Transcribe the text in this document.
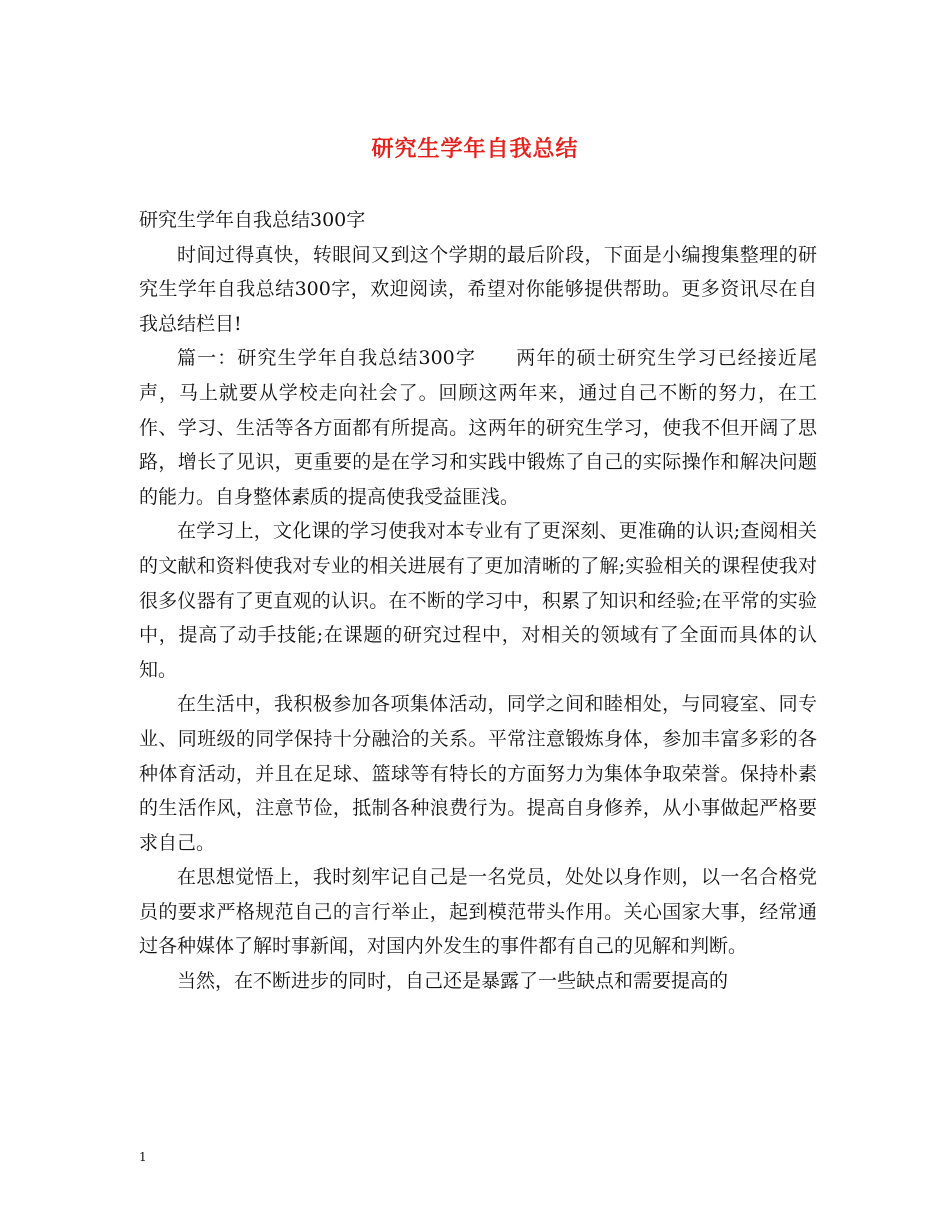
研究生学年自我总结

研究生学年自我总结300字

时间过得真快，转眼间又到这个学期的最后阶段，下面是小编搜集整理的研究生学年自我总结300字，欢迎阅读，希望对你能够提供帮助。更多资讯尽在自我总结栏目!

篇一：研究生学年自我总结300字　　两年的硕士研究生学习已经接近尾声，马上就要从学校走向社会了。回顾这两年来，通过自己不断的努力，在工作、学习、生活等各方面都有所提高。这两年的研究生学习，使我不但开阔了思路，增长了见识，更重要的是在学习和实践中锻炼了自己的实际操作和解决问题的能力。自身整体素质的提高使我受益匪浅。

在学习上，文化课的学习使我对本专业有了更深刻、更准确的认识;查阅相关的文献和资料使我对专业的相关进展有了更加清晰的了解;实验相关的课程使我对很多仪器有了更直观的认识。在不断的学习中，积累了知识和经验;在平常的实验中，提高了动手技能;在课题的研究过程中，对相关的领域有了全面而具体的认知。

在生活中，我积极参加各项集体活动，同学之间和睦相处，与同寝室、同专业、同班级的同学保持十分融洽的关系。平常注意锻炼身体，参加丰富多彩的各种体育活动，并且在足球、篮球等有特长的方面努力为集体争取荣誉。保持朴素的生活作风，注意节俭，抵制各种浪费行为。提高自身修养，从小事做起严格要求自己。

在思想觉悟上，我时刻牢记自己是一名党员，处处以身作则，以一名合格党员的要求严格规范自己的言行举止，起到模范带头作用。关心国家大事，经常通过各种媒体了解时事新闻，对国内外发生的事件都有自己的见解和判断。

当然，在不断进步的同时，自己还是暴露了一些缺点和需要提高的

1
